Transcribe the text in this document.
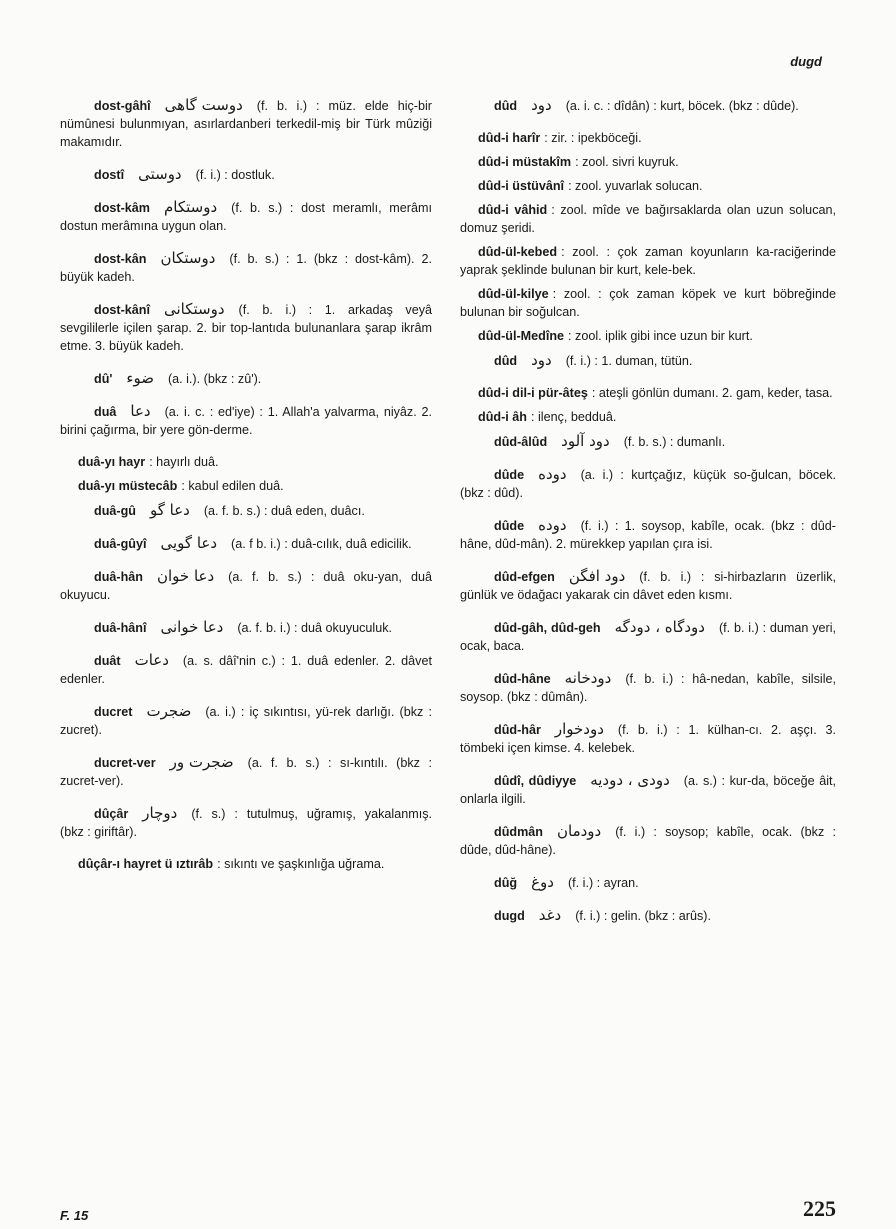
dugd
dost-gâhî دوست گاهى (f. b. i.) : müz. elde hiç-bir nümûnesi bulunmıyan, asırlardanberi terkedil-miş bir Türk mûziği makamıdır.
dostî دوستى (f. i.) : dostluk.
dost-kâm دوستكام (f. b. s.) : dost meramlı, merâmı dostun merâmına uygun olan.
dost-kân دوستكان (f. b. s.) : 1. (bkz : dost-kâm). 2. büyük kadeh.
dost-kânî دوستكانى (f. b. i.) : 1. arkadaş veyâ sevgililerle içilen şarap. 2. bir top-lantıda bulunanlara şarap ikrâm etme. 3. büyük kadeh.
dû' ضوء (a. i.). (bkz : zû').
duâ دعا (a. i. c. : ed'iye) : 1. Allah'a yalvarma, niyâz. 2. birini çağırma, bir yere gön-derme.
duâ-yı hayr : hayırlı duâ.
duâ-yı müstecâb : kabul edilen duâ.
duâ-gû دعا گو (a. f. b. s.) : duâ eden, duâcı.
duâ-gûyî دعا گويى (a. f b. i.) : duâ-cılık, duâ edicilik.
duâ-hân دعا خوان (a. f. b. s.) : duâ oku-yan, duâ okuyucu.
duâ-hânî دعا خوانى (a. f. b. i.) : duâ okuyuculuk.
duât دعات (a. s. dâî'nin c.) : 1. duâ edenler. 2. dâvet edenler.
ducret ضجرت (a. i.) : iç sıkıntısı, yü-rek darlığı. (bkz : zucret).
ducret-ver ضجرت ور (a. f. b. s.) : sı-kıntılı. (bkz : zucret-ver).
dûçâr دوچار (f. s.) : tutulmuş, uğramış, yakalanmış. (bkz : giriftâr).
dûçâr-ı hayret ü ıztırâb : sıkıntı ve şaşkınlığa uğrama.
dûd دود (a. i. c. : dîdân) : kurt, böcek. (bkz : dûde).
dûd-i harîr : zir. : ipekböceği.
dûd-i müstakîm : zool. sivri kuyruk.
dûd-i üstüvânî : zool. yuvarlak solucan.
dûd-i vâhid : zool. mîde ve bağırsaklarda olan uzun solucan, domuz şeridi.
dûd-ül-kebed : zool. : çok zaman koyunların ka-raciğerinde yaprak şeklinde bulunan bir kurt, kele-bek.
dûd-ül-kilye : zool. : çok zaman köpek ve kurt böbreğinde bulunan bir soğulcan.
dûd-ül-Medîne : zool. iplik gibi ince uzun bir kurt.
dûd دود (f. i.) : 1. duman, tütün.
dûd-i dil-i pür-âteş : ateşli gönlün dumanı. 2. gam, keder, tasa.
dûd-i âh : ilenç, bedduâ.
dûd-âlûd دود آلود (f. b. s.) : dumanlı.
dûde دوده (a. i.) : kurtçağız, küçük so-ğulcan, böcek. (bkz : dûd).
dûde دوده (f. i.) : 1. soysop, kabîle, ocak. (bkz : dûd-hâne, dûd-mân). 2. mürekkep yapılan çıra isi.
dûd-efgen دود افگن (f. b. i.) : si-hirbazların üzerlik, günlük ve ödağacı yakarak cin dâvet eden kısmı.
dûd-gâh, dûd-geh دودگاه ، دودگه (f. b. i.) : duman yeri, ocak, baca.
dûd-hâne دودخانه (f. b. i.) : hâ-nedan, kabîle, silsile, soysop. (bkz : dûmân).
dûd-hâr دودخوار (f. b. i.) : 1. külhan-cı. 2. aşçı. 3. tömbeki içen kimse. 4. kelebek.
dûdî, dûdiyye دودى ، دوديه (a. s.) : kur-da, böceğe âit, onlarla ilgili.
dûdmân دودمان (f. i.) : soysop; kabîle, ocak. (bkz : dûde, dûd-hâne).
dûğ دوغ (f. i.) : ayran.
dugd دغد (f. i.) : gelin. (bkz : arûs).
F. 15	225
